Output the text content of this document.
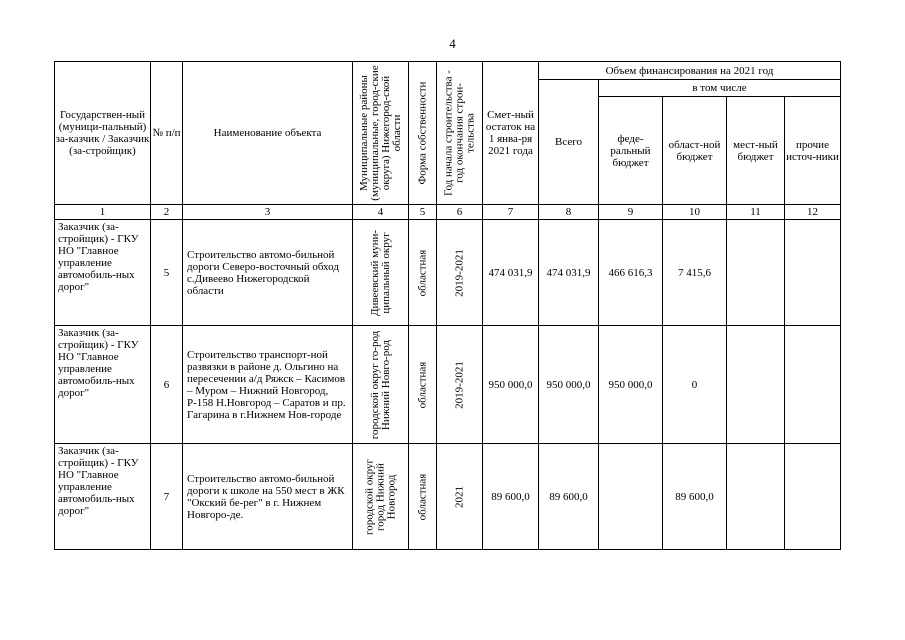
4
Государствен-ный (муници-пальный) за-казчик / Заказчик (за-стройщик)	№ п/п	Наименование объекта	Муниципальные районы (муниципальные, город-ские округа) Нижегород-ской области	Форма собственности	Год начала строительства - год окончания строи-тельства	Смет-ный остаток на 1 янва-ря 2021 года	Объем финансирования на 2021 год				
							Всего	в том числе			
								феде-ральный бюджет	област-ной бюджет	мест-ный бюджет	прочие источ-ники
1	2	3	4	5	6	7	8	9	10	11	12
Заказчик (за-стройщик) - ГКУ НО "Главное управление автомобиль-ных дорог"	5	Строительство автомо-бильной дороги Северо-восточный обход с.Дивеево Нижегородской области	Дивеевский муни-ципальный округ	областная	2019-2021	474 031,9	474 031,9	466 616,3	7 415,6		
Заказчик (за-стройщик) - ГКУ НО "Главное управление автомобиль-ных дорог"	6	Строительство транспорт-ной развязки в районе д. Ольгино на пересечении а/д Ряжск – Касимов – Муром – Нижний Новгород, Р-158 Н.Новгород – Саратов и пр. Гагарина в г.Нижнем Нов-городе	городской округ го-род Нижний Новго-род	областная	2019-2021	950 000,0	950 000,0	950 000,0	0		
Заказчик (за-стройщик) - ГКУ НО "Главное управление автомобиль-ных дорог"	7	Строительство автомо-бильной дороги к школе на 550 мест в ЖК "Окский бе-рег" в г. Нижнем Новгоро-де.	городской округ город Нижний Новгород	областная	2021	89 600,0	89 600,0		89 600,0		
